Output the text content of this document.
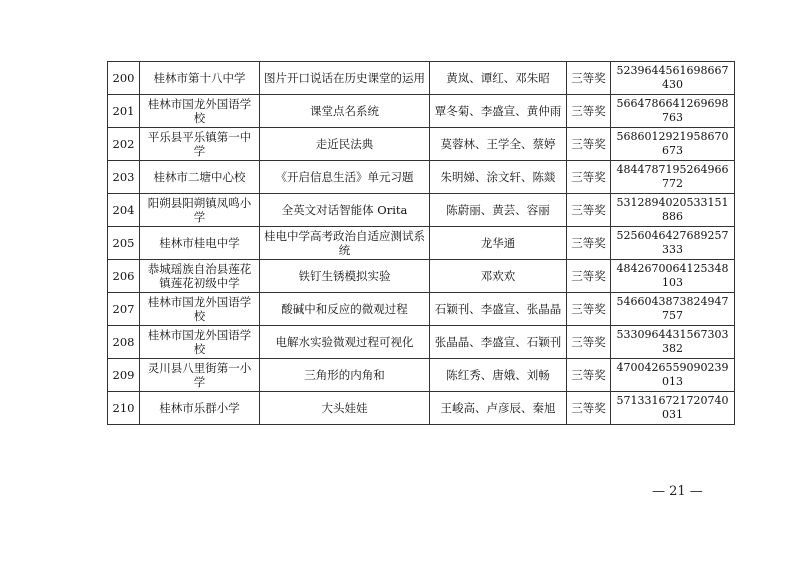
200	桂林市第十八中学	图片开口说话在历史课堂的运用	黄岚、谭红、邓朱昭	三等奖	5239644561698667430
201	桂林市国龙外国语学校	课堂点名系统	覃冬菊、李盛宣、黄仲雨	三等奖	5664786641269698763
202	平乐县平乐镇第一中学	走近民法典	莫蓉林、王学全、蔡婷	三等奖	5686012921958670673
203	桂林市二塘中心校	《开启信息生活》单元习题	朱明娣、涂文轩、陈燚	三等奖	4844787195264966772
204	阳朔县阳朔镇凤鸣小学	全英文对话智能体 Orita	陈蔚丽、黄芸、容丽	三等奖	5312894020533151886
205	桂林市桂电中学	桂电中学高考政治自适应测试系统	龙华通	三等奖	5256046427689257333
206	恭城瑶族自治县莲花镇莲花初级中学	铁钉生锈模拟实验	邓欢欢	三等奖	4842670064125348103
207	桂林市国龙外国语学校	酸碱中和反应的微观过程	石颖刊、李盛宣、张晶晶	三等奖	5466043873824947757
208	桂林市国龙外国语学校	电解水实验微观过程可视化	张晶晶、李盛宣、石颖刊	三等奖	5330964431567303382
209	灵川县八里街第一小学	三角形的内角和	陈红秀、唐娥、刘畅	三等奖	4700426559090239013
210	桂林市乐群小学	大头娃娃	王峻高、卢彦辰、秦旭	三等奖	5713316721720740031
— 21 —
